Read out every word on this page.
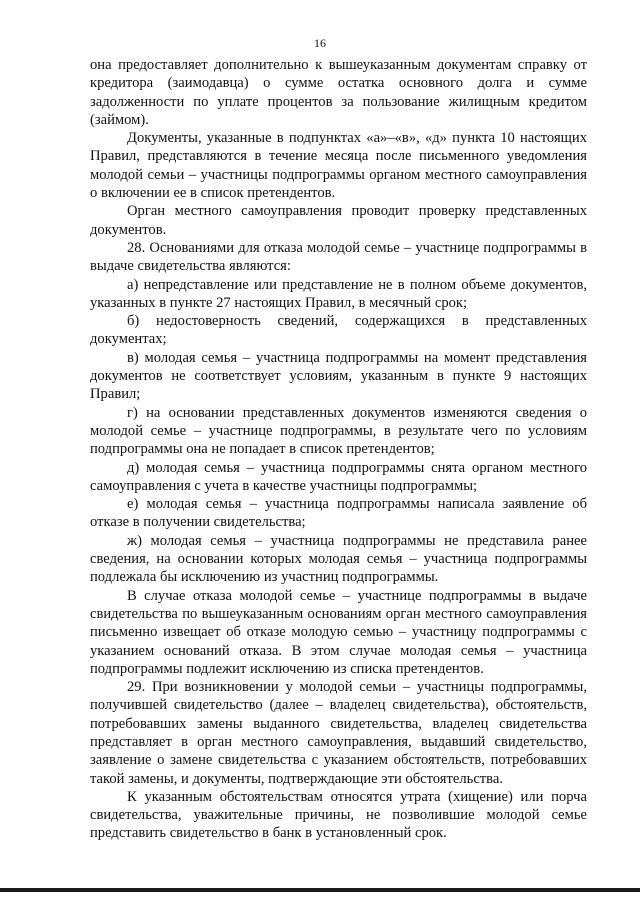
16

она предоставляет дополнительно к вышеуказанным документам справку от кредитора (заимодавца) о сумме остатка основного долга и сумме задолженности по уплате процентов за пользование жилищным кредитом (займом).

Документы, указанные в подпунктах «а»–«в», «д» пункта 10 настоящих Правил, представляются в течение месяца после письменного уведомления молодой семьи – участницы подпрограммы органом местного самоуправления о включении ее в список претендентов.

Орган местного самоуправления проводит проверку представленных документов.

28. Основаниями для отказа молодой семье – участнице подпрограммы в выдаче свидетельства являются:

а) непредставление или представление не в полном объеме документов, указанных в пункте 27 настоящих Правил, в месячный срок;

б) недостоверность сведений, содержащихся в представленных документах;

в) молодая семья – участница подпрограммы на момент представления документов не соответствует условиям, указанным в пункте 9 настоящих Правил;

г) на основании представленных документов изменяются сведения о молодой семье – участнице подпрограммы, в результате чего по условиям подпрограммы она не попадает в список претендентов;

д) молодая семья – участница подпрограммы снята органом местного самоуправления с учета в качестве участницы подпрограммы;

е) молодая семья – участница подпрограммы написала заявление об отказе в получении свидетельства;

ж) молодая семья – участница подпрограммы не представила ранее сведения, на основании которых молодая семья – участница подпрограммы подлежала бы исключению из участниц подпрограммы.

В случае отказа молодой семье – участнице подпрограммы в выдаче свидетельства по вышеуказанным основаниям орган местного самоуправления письменно извещает об отказе молодую семью – участницу подпрограммы с указанием оснований отказа. В этом случае молодая семья – участница подпрограммы подлежит исключению из списка претендентов.

29. При возникновении у молодой семьи – участницы подпрограммы, получившей свидетельство (далее – владелец свидетельства), обстоятельств, потребовавших замены выданного свидетельства, владелец свидетельства представляет в орган местного самоуправления, выдавший свидетельство, заявление о замене свидетельства с указанием обстоятельств, потребовавших такой замены, и документы, подтверждающие эти обстоятельства.

К указанным обстоятельствам относятся утрата (хищение) или порча свидетельства, уважительные причины, не позволившие молодой семье представить свидетельство в банк в установленный срок.
